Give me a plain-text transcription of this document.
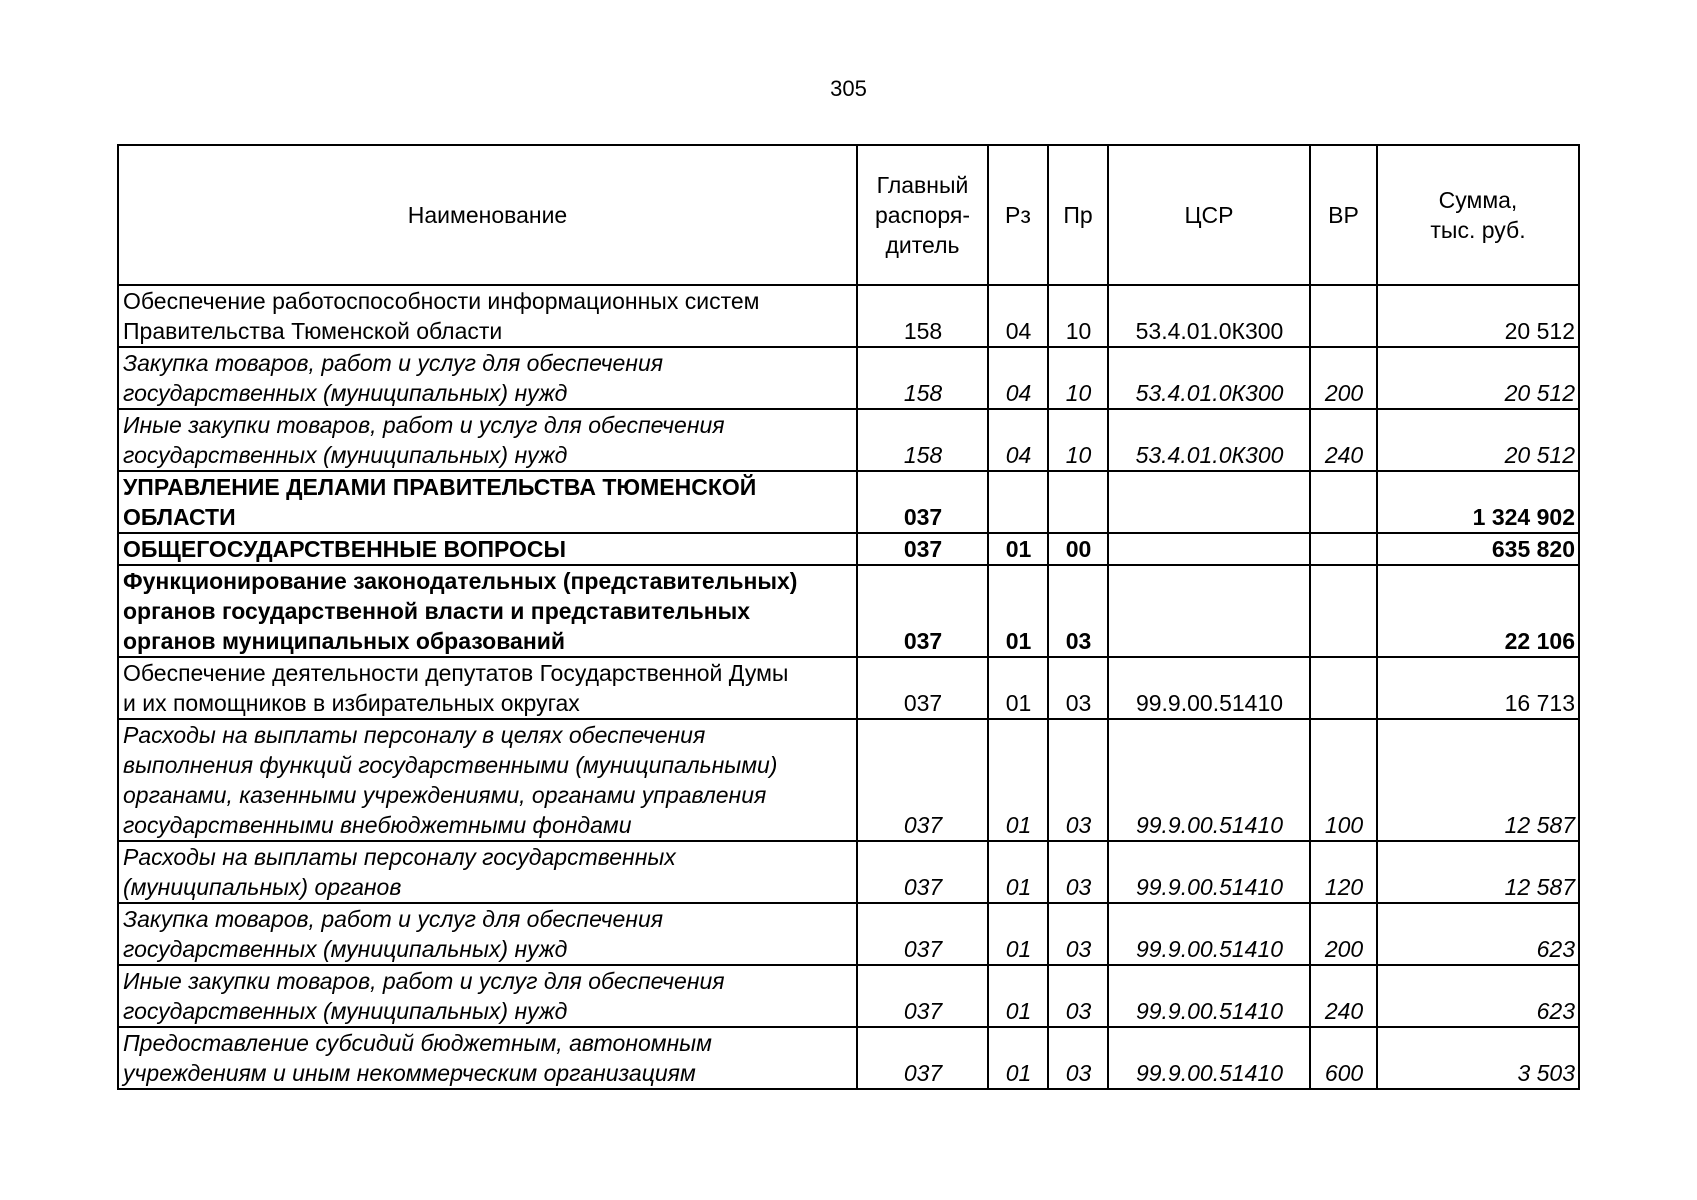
305
Наименование	Главный
распоря-
дитель	Рз	Пр	ЦСР	ВР	Сумма,
тыс. руб.
Обеспечение работоспособности информационных систем
Правительства Тюменской области	158	04	10	53.4.01.0К300		20 512
Закупка товаров, работ и услуг для обеспечения
государственных (муниципальных) нужд	158	04	10	53.4.01.0К300	200	20 512
Иные закупки товаров, работ и услуг для обеспечения
государственных (муниципальных) нужд	158	04	10	53.4.01.0К300	240	20 512
УПРАВЛЕНИЕ ДЕЛАМИ ПРАВИТЕЛЬСТВА ТЮМЕНСКОЙ
ОБЛАСТИ	037					1 324 902
ОБЩЕГОСУДАРСТВЕННЫЕ ВОПРОСЫ	037	01	00			635 820
Функционирование законодательных (представительных)
органов государственной власти и представительных
органов муниципальных образований	037	01	03			22 106
Обеспечение деятельности депутатов Государственной Думы
и их помощников в избирательных округах	037	01	03	99.9.00.51410		16 713
Расходы на выплаты персоналу в целях обеспечения
выполнения функций государственными (муниципальными)
органами, казенными учреждениями, органами управления
государственными внебюджетными фондами	037	01	03	99.9.00.51410	100	12 587
Расходы на выплаты персоналу государственных
(муниципальных) органов	037	01	03	99.9.00.51410	120	12 587
Закупка товаров, работ и услуг для обеспечения
государственных (муниципальных) нужд	037	01	03	99.9.00.51410	200	623
Иные закупки товаров, работ и услуг для обеспечения
государственных (муниципальных) нужд	037	01	03	99.9.00.51410	240	623
Предоставление субсидий бюджетным, автономным
учреждениям и иным некоммерческим организациям	037	01	03	99.9.00.51410	600	3 503
